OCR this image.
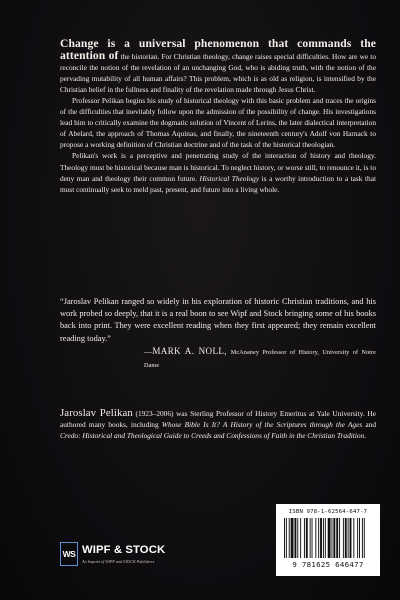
Change is a universal phenomenon that commands the attention of the historian. For Christian theology, change raises special difficulties. How are we to reconcile the notion of the revelation of an unchanging God, who is abiding truth, with the notion of the pervading mutability of all human affairs? This problem, which is as old as religion, is intensified by the Christian belief in the fullness and finality of the revelation made through Jesus Christ.

Professor Pelikan begins his study of historical theology with this basic problem and traces the origins of the difficulties that inevitably follow upon the admission of the possibility of change. His investigations lead him to critically examine the dogmatic solution of Vincent of Lerins, the later dialectical interpretation of Abelard, the approach of Thomas Aquinas, and finally, the nineteenth century's Adolf von Harnack to propose a working definition of Christian doctrine and of the task of the historical theologian.

Pelikan's work is a perceptive and penetrating study of the interaction of history and theology. Theology must be historical because man is historical. To neglect history, or worse still, to renounce it, is to deny man and theology their common future. Historical Theology is a worthy introduction to a task that must continually seek to meld past, present, and future into a living whole.

“Jaroslav Pelikan ranged so widely in his exploration of historic Christian traditions, and his work probed so deeply, that it is a real boon to see Wipf and Stock bringing some of his books back into print. They were excellent reading when they first appeared; they remain excellent reading today.”

—MARK A. NOLL, McAnaney Professor of History, University of Notre Dame
Jaroslav Pelikan (1923–2006) was Sterling Professor of History Emeritus at Yale University. He authored many books, including Whose Bible Is It? A History of the Scriptures through the Ages and Credo: Historical and Theological Guide to Creeds and Confessions of Faith in the Christian Tradition.
WS WIPF & STOCK
An Imprint of WIPF and STOCK Publishers
ISBN 978-1-62564-647-7
9 781625 646477
